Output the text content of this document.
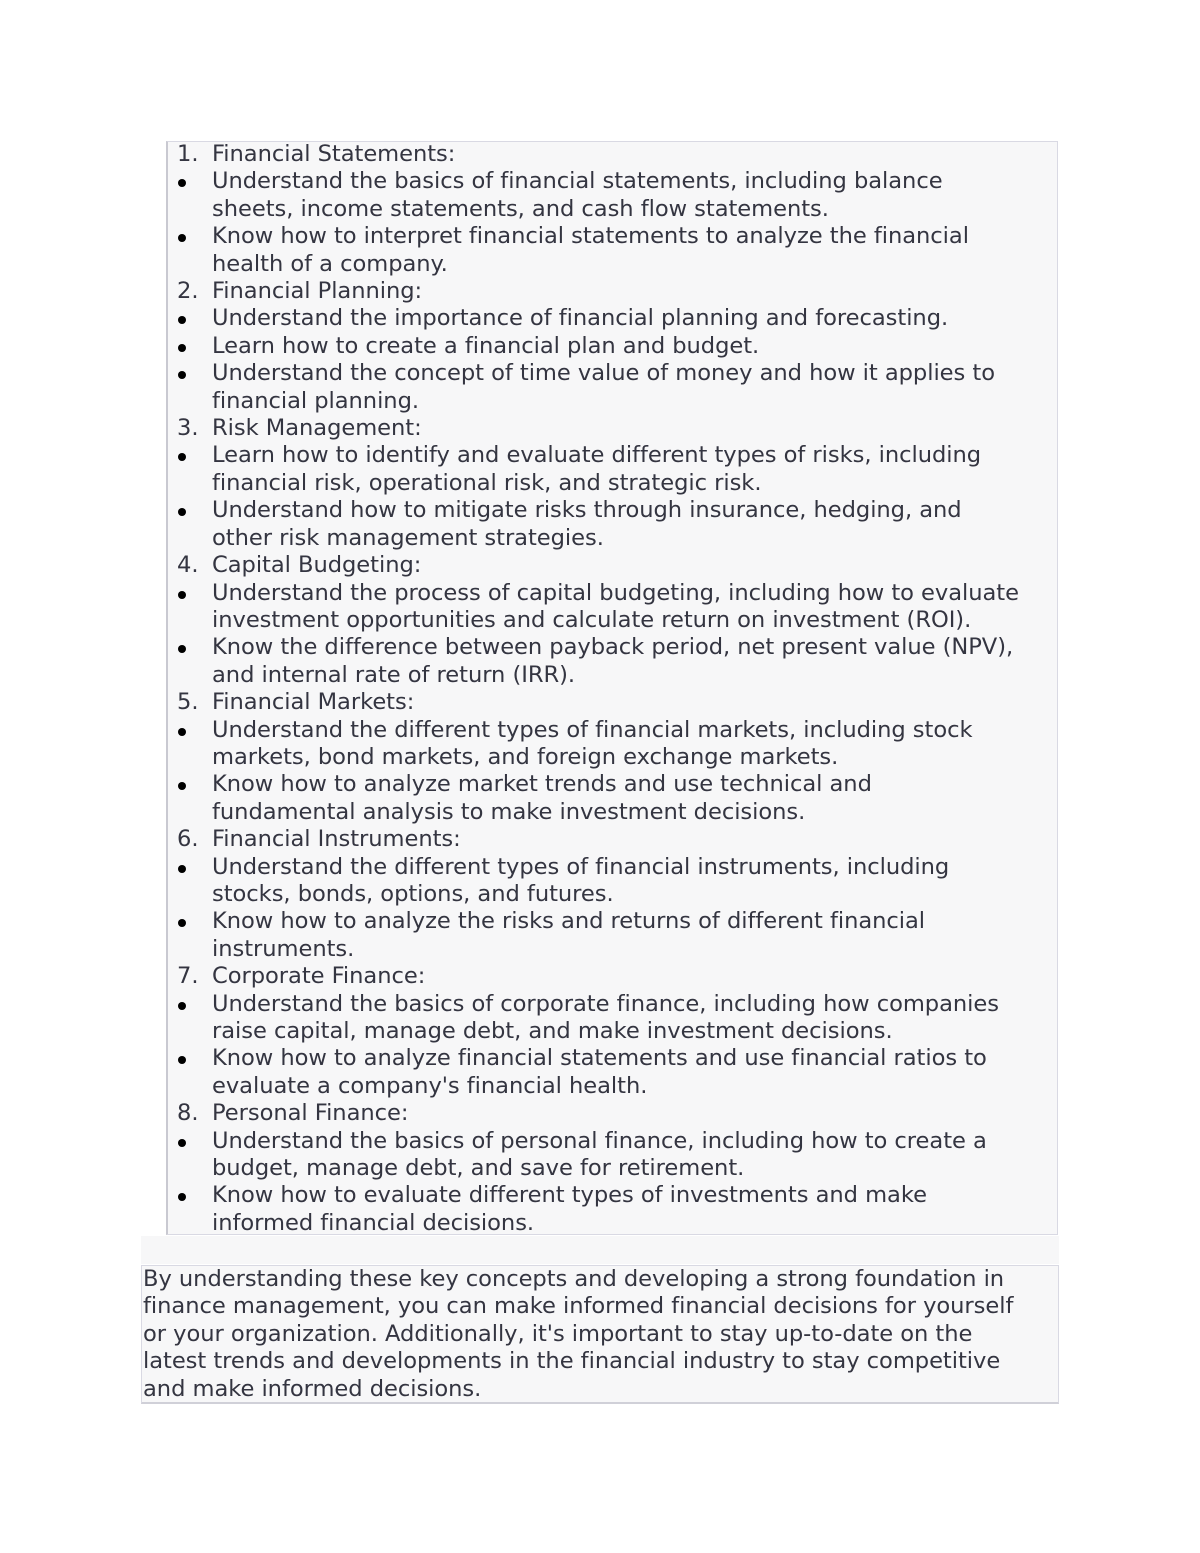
1. Financial Statements:
Understand the basics of financial statements, including balance
sheets, income statements, and cash flow statements.
Know how to interpret financial statements to analyze the financial
health of a company.
2. Financial Planning:
Understand the importance of financial planning and forecasting.
Learn how to create a financial plan and budget.
Understand the concept of time value of money and how it applies to
financial planning.
3. Risk Management:
Learn how to identify and evaluate different types of risks, including
financial risk, operational risk, and strategic risk.
Understand how to mitigate risks through insurance, hedging, and
other risk management strategies.
4. Capital Budgeting:
Understand the process of capital budgeting, including how to evaluate
investment opportunities and calculate return on investment (ROI).
Know the difference between payback period, net present value (NPV),
and internal rate of return (IRR).
5. Financial Markets:
Understand the different types of financial markets, including stock
markets, bond markets, and foreign exchange markets.
Know how to analyze market trends and use technical and
fundamental analysis to make investment decisions.
6. Financial Instruments:
Understand the different types of financial instruments, including
stocks, bonds, options, and futures.
Know how to analyze the risks and returns of different financial
instruments.
7. Corporate Finance:
Understand the basics of corporate finance, including how companies
raise capital, manage debt, and make investment decisions.
Know how to analyze financial statements and use financial ratios to
evaluate a company's financial health.
8. Personal Finance:
Understand the basics of personal finance, including how to create a
budget, manage debt, and save for retirement.
Know how to evaluate different types of investments and make
informed financial decisions.

By understanding these key concepts and developing a strong foundation in
finance management, you can make informed financial decisions for yourself
or your organization. Additionally, it's important to stay up-to-date on the
latest trends and developments in the financial industry to stay competitive
and make informed decisions.
